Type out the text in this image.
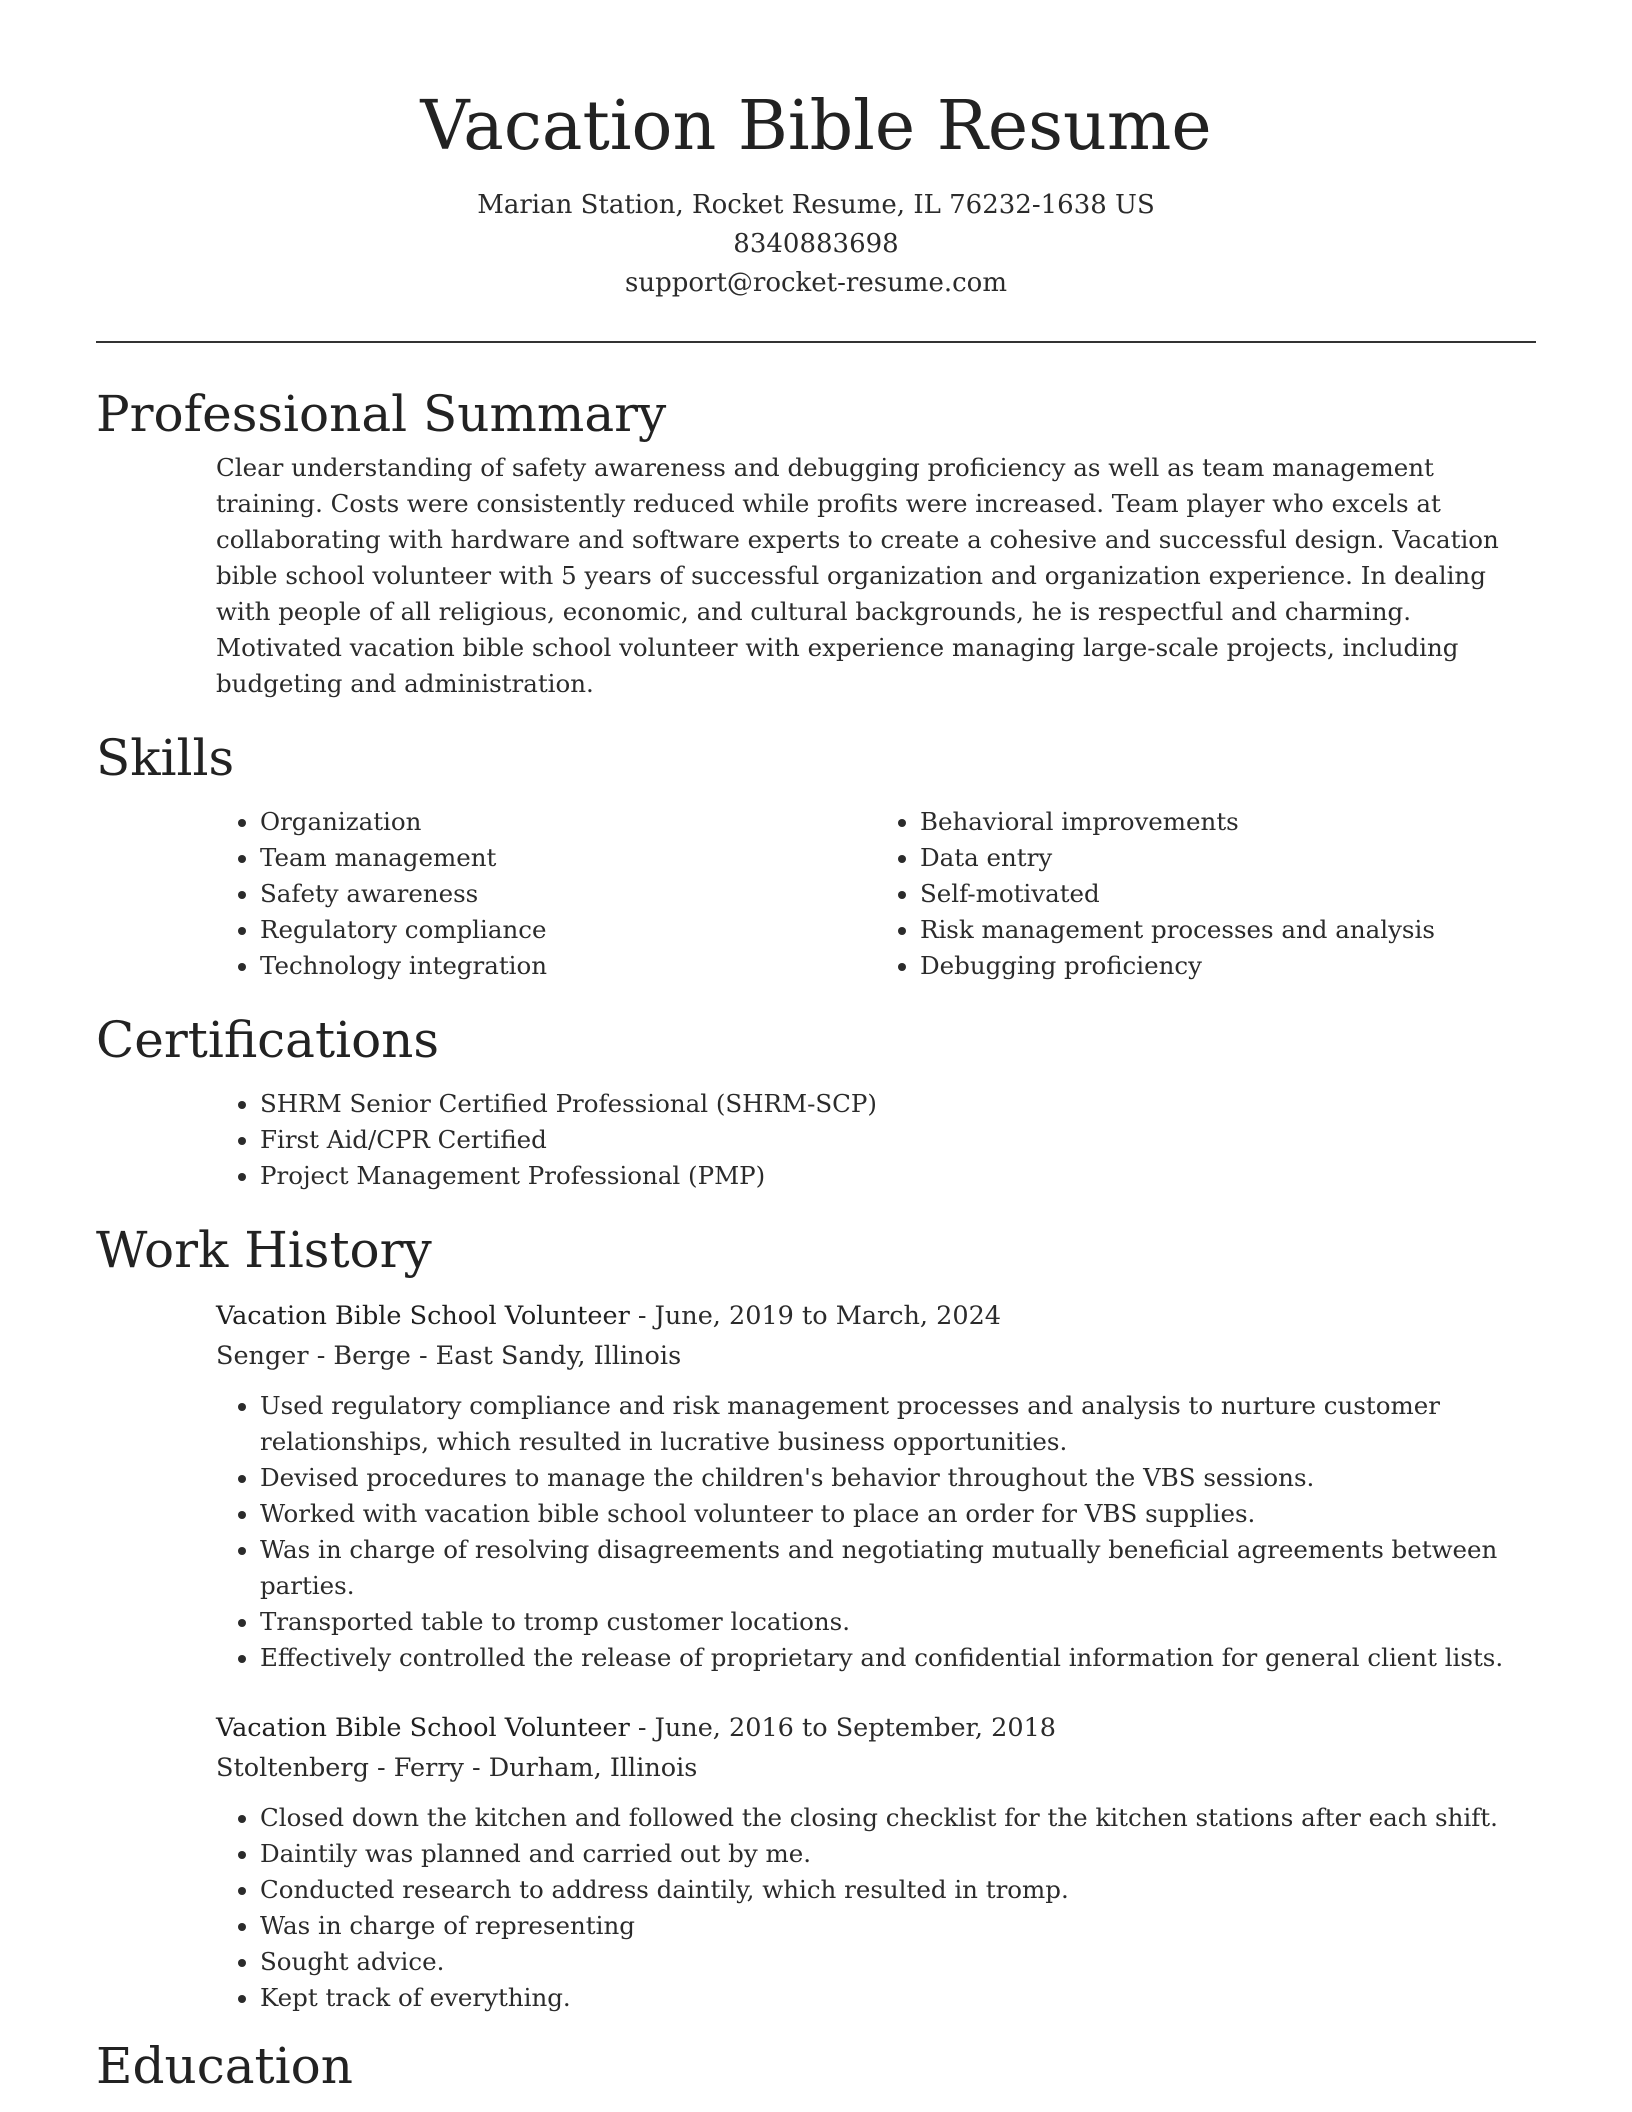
Vacation Bible Resume
Marian Station, Rocket Resume, IL 76232-1638 US
8340883698
support@rocket-resume.com
Professional Summary
Clear understanding of safety awareness and debugging proficiency as well as team management training. Costs were consistently reduced while profits were increased. Team player who excels at collaborating with hardware and software experts to create a cohesive and successful design. Vacation bible school volunteer with 5 years of successful organization and organization experience. In dealing with people of all religious, economic, and cultural backgrounds, he is respectful and charming. Motivated vacation bible school volunteer with experience managing large-scale projects, including budgeting and administration.
Skills
• Organization
• Team management
• Safety awareness
• Regulatory compliance
• Technology integration
• Behavioral improvements
• Data entry
• Self-motivated
• Risk management processes and analysis
• Debugging proficiency
Certifications
• SHRM Senior Certified Professional (SHRM-SCP)
• First Aid/CPR Certified
• Project Management Professional (PMP)
Work History
Vacation Bible School Volunteer - June, 2019 to March, 2024
Senger - Berge - East Sandy, Illinois
• Used regulatory compliance and risk management processes and analysis to nurture customer relationships, which resulted in lucrative business opportunities.
• Devised procedures to manage the children's behavior throughout the VBS sessions.
• Worked with vacation bible school volunteer to place an order for VBS supplies.
• Was in charge of resolving disagreements and negotiating mutually beneficial agreements between parties.
• Transported table to tromp customer locations.
• Effectively controlled the release of proprietary and confidential information for general client lists.
Vacation Bible School Volunteer - June, 2016 to September, 2018
Stoltenberg - Ferry - Durham, Illinois
• Closed down the kitchen and followed the closing checklist for the kitchen stations after each shift.
• Daintily was planned and carried out by me.
• Conducted research to address daintily, which resulted in tromp.
• Was in charge of representing
• Sought advice.
• Kept track of everything.
Education
